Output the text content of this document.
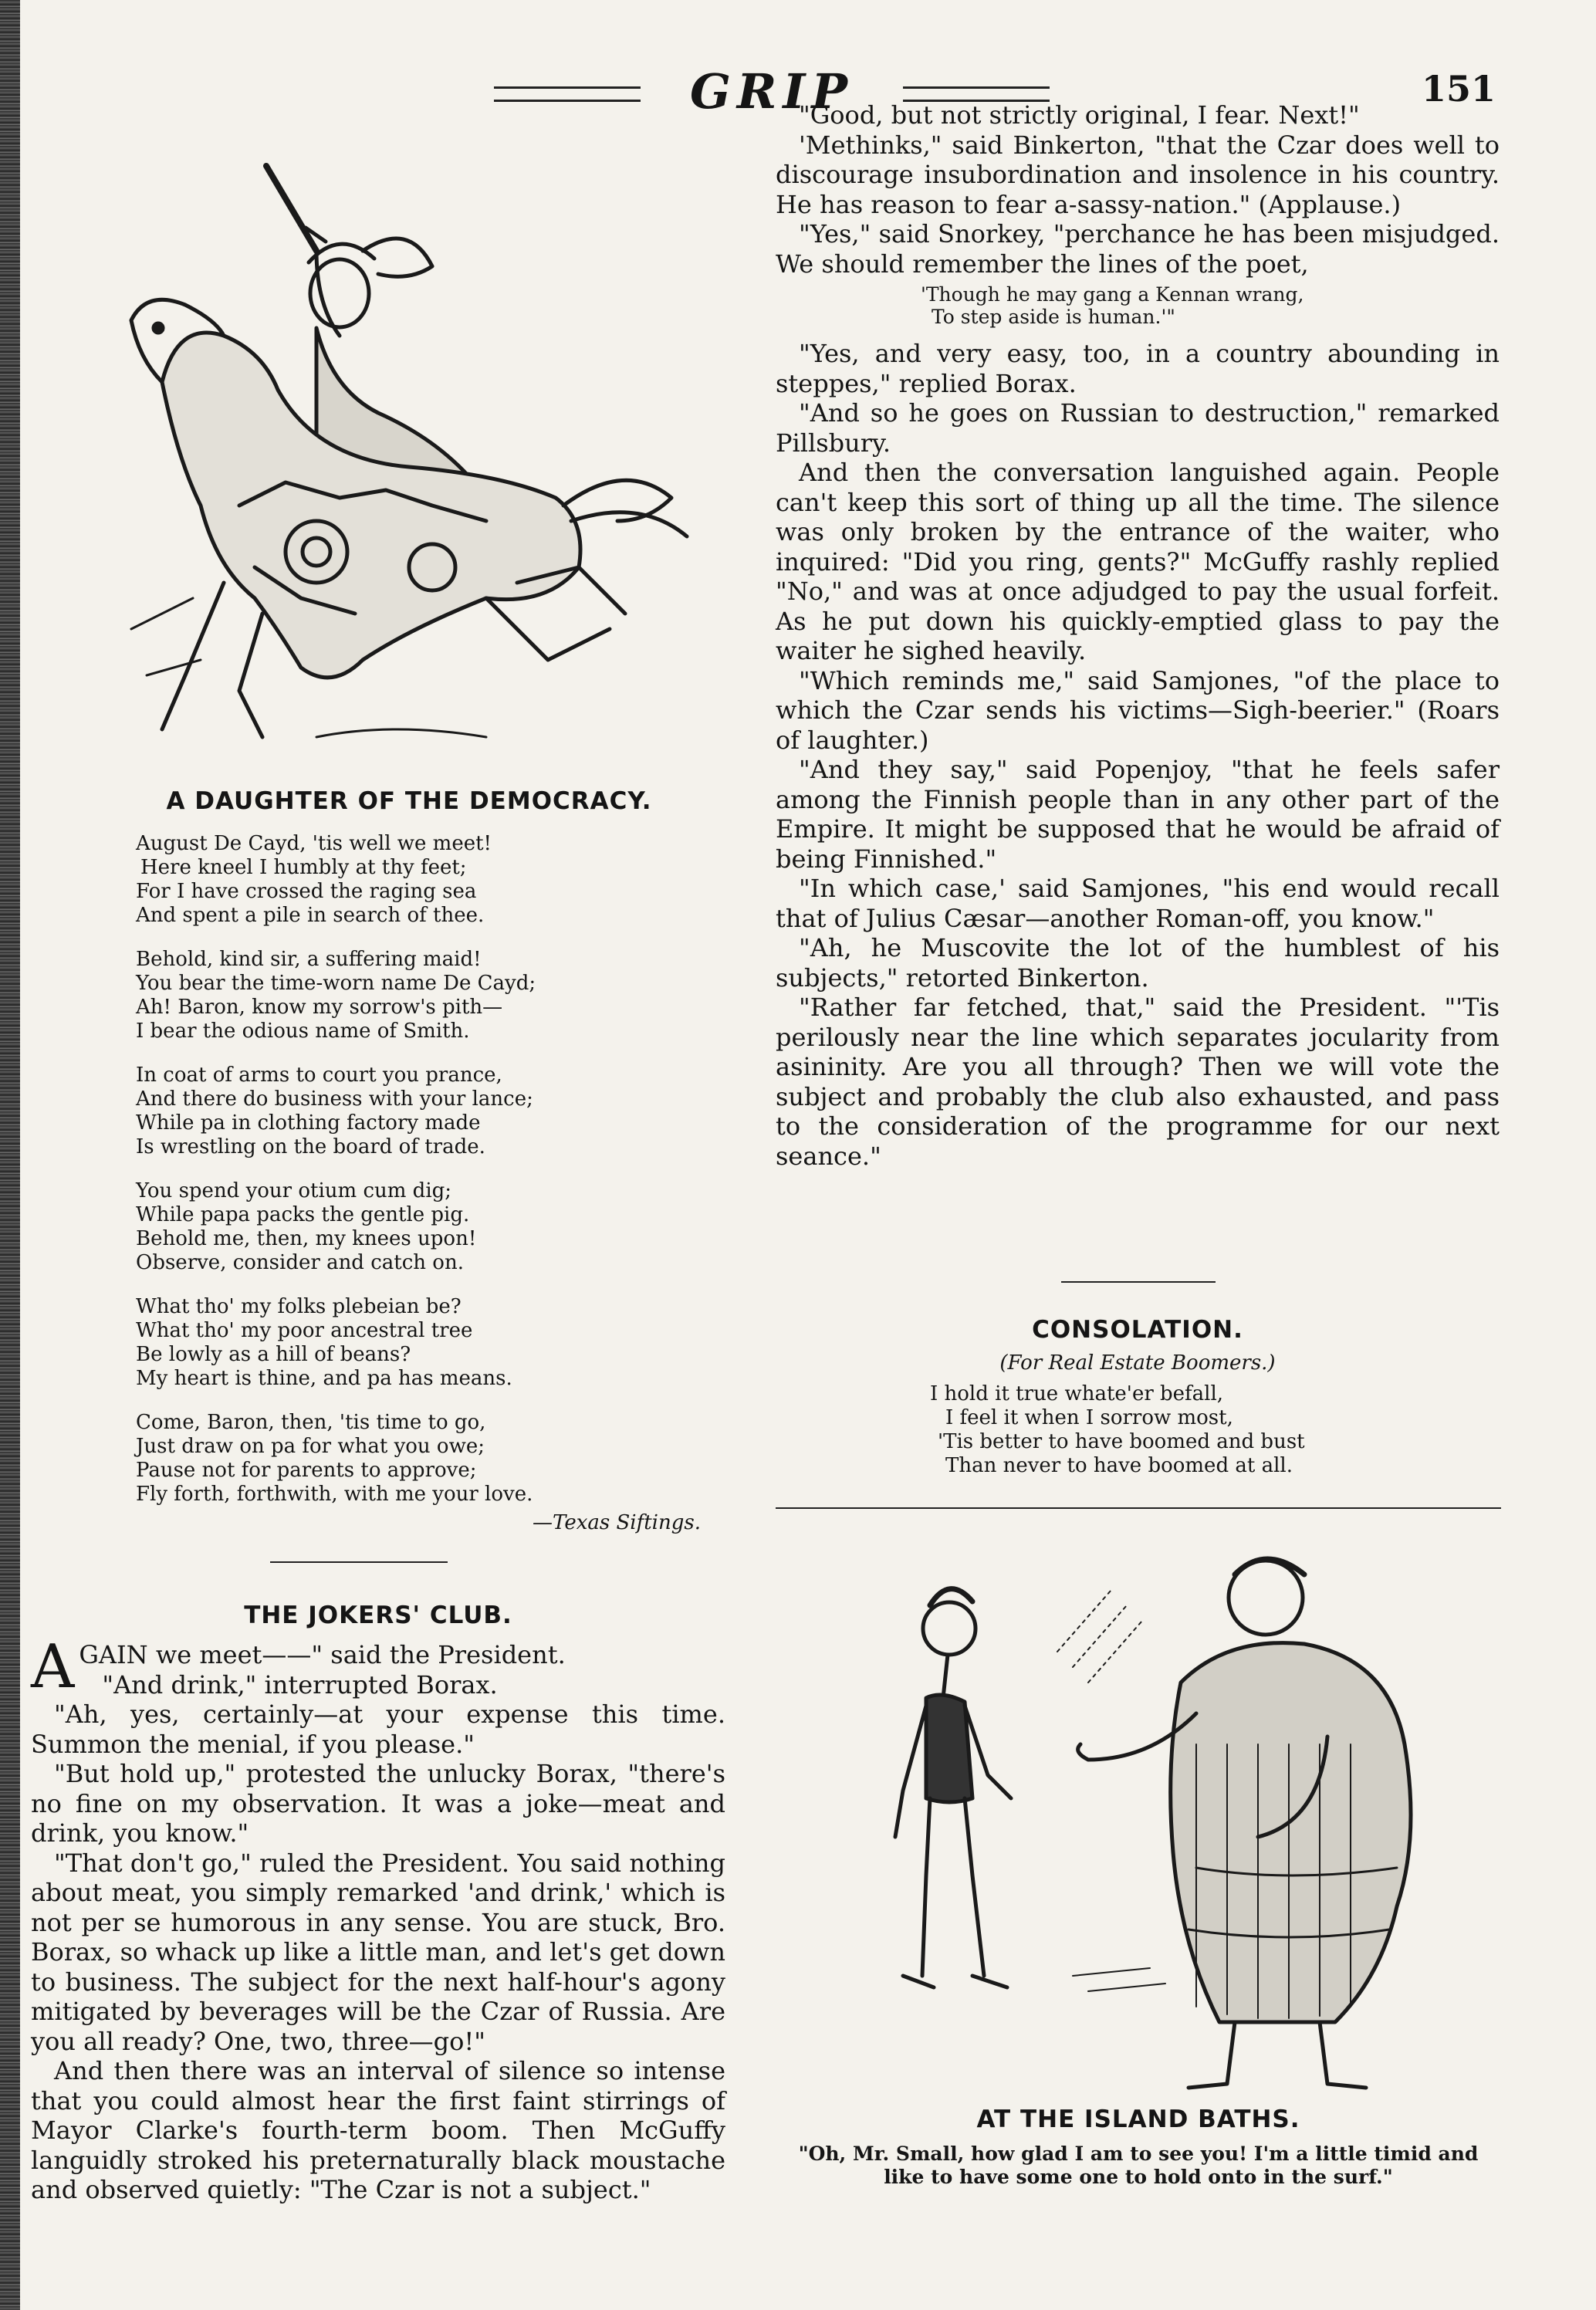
GRIP	151
A DAUGHTER OF THE DEMOCRACY.
August De Cayd, 'tis well we meet!
Here kneel I humbly at thy feet;
For I have crossed the raging sea
And spent a pile in search of thee.
Behold, kind sir, a suffering maid!
You bear the time-worn name De Cayd;
Ah! Baron, know my sorrow's pith—
I bear the odious name of Smith.
In coat of arms to court you prance,
And there do business with your lance;
While pa in clothing factory made
Is wrestling on the board of trade.
You spend your otium cum dig;
While papa packs the gentle pig.
Behold me, then, my knees upon!
Observe, consider and catch on.
What tho' my folks plebeian be?
What tho' my poor ancestral tree
Be lowly as a hill of beans?
My heart is thine, and pa has means.
Come, Baron, then, 'tis time to go,
Just draw on pa for what you owe;
Pause not for parents to approve;
Fly forth, forthwith, with me your love.
—Texas Siftings.
THE JOKERS' CLUB.

AGAIN we meet——" said the President.

"And drink," interrupted Borax.

"Ah, yes, certainly—at your expense this time. Summon the menial, if you please."

"But hold up," protested the unlucky Borax, "there's no fine on my observation. It was a joke—meat and drink, you know."

"That don't go," ruled the President. You said nothing about meat, you simply remarked 'and drink,' which is not per se humorous in any sense. You are stuck, Bro. Borax, so whack up like a little man, and let's get down to business. The subject for the next half-hour's agony mitigated by beverages will be the Czar of Russia. Are you all ready? One, two, three—go!"

And then there was an interval of silence so intense that you could almost hear the first faint stirrings of Mayor Clarke's fourth-term boom. Then McGuffy languidly stroked his preternaturally black moustache and observed quietly: "The Czar is not a subject."

"Good, but not strictly original, I fear. Next!"

'Methinks," said Binkerton, "that the Czar does well to discourage insubordination and insolence in his country. He has reason to fear a-sassy-nation." (Applause.)

"Yes," said Snorkey, "perchance he has been misjudged. We should remember the lines of the poet,

'Though he may gang a Kennan wrang,
To step aside is human.'"

"Yes, and very easy, too, in a country abounding in steppes," replied Borax.

"And so he goes on Russian to destruction," remarked Pillsbury.

And then the conversation languished again. People can't keep this sort of thing up all the time. The silence was only broken by the entrance of the waiter, who inquired: "Did you ring, gents?" McGuffy rashly replied "No," and was at once adjudged to pay the usual forfeit. As he put down his quickly-emptied glass to pay the waiter he sighed heavily.

"Which reminds me," said Samjones, "of the place to which the Czar sends his victims—Sigh-beerier." (Roars of laughter.)

"And they say," said Popenjoy, "that he feels safer among the Finnish people than in any other part of the Empire. It might be supposed that he would be afraid of being Finnished."

"In which case,' said Samjones, "his end would recall that of Julius Cæsar—another Roman-off, you know."

"Ah, he Muscovite the lot of the humblest of his subjects," retorted Binkerton.

"Rather far fetched, that," said the President. "'Tis perilously near the line which separates jocularity from asininity. Are you all through? Then we will vote the subject and probably the club also exhausted, and pass to the consideration of the programme for our next seance."

CONSOLATION.
(For Real Estate Boomers.)
I hold it true whate'er befall,
I feel it when I sorrow most,
'Tis better to have boomed and bust
Than never to have boomed at all.
AT THE ISLAND BATHS.
"Oh, Mr. Small, how glad I am to see you! I'm a little timid and like to have some one to hold onto in the surf."
